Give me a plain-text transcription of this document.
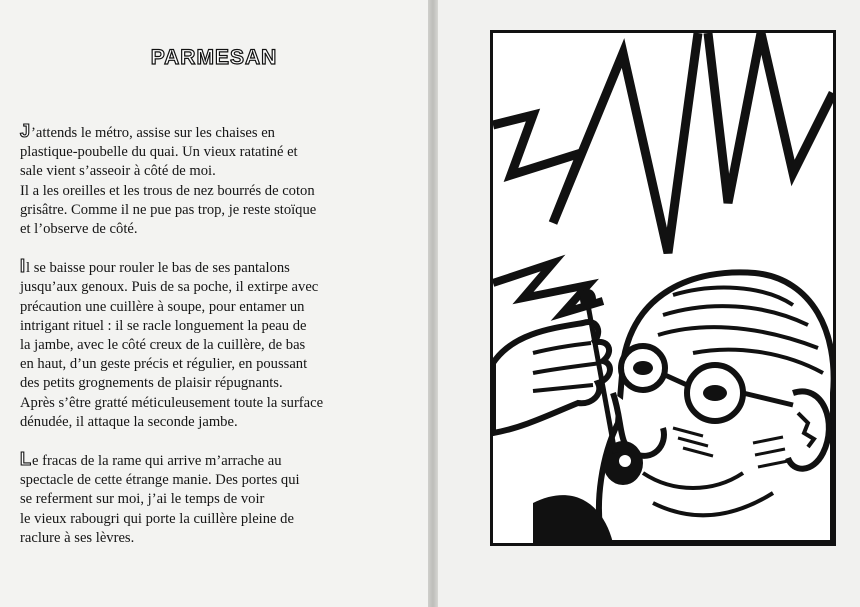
PARMESAN

J’attends le métro, assise sur les chaises en
plastique-poubelle du quai. Un vieux ratatiné et
sale vient s’asseoir à côté de moi.
Il a les oreilles et les trous de nez bourrés de coton
grisâtre. Comme il ne pue pas trop, je reste stoïque
et l’observe de côté.

Il se baisse pour rouler le bas de ses pantalons
jusqu’aux genoux. Puis de sa poche, il extirpe avec
précaution une cuillère à soupe, pour entamer un
intrigant rituel : il se racle longuement la peau de
la jambe, avec le côté creux de la cuillère, de bas
en haut, d’un geste précis et régulier, en poussant
des petits grognements de plaisir répugnants.
Après s’être gratté méticuleusement toute la surface
dénudée, il attaque la seconde jambe.

Le fracas de la rame qui arrive m’arrache au
spectacle de cette étrange manie. Des portes qui
se referment sur moi, j’ai le temps de voir
le vieux rabougri qui porte la cuillère pleine de
raclure à ses lèvres.
